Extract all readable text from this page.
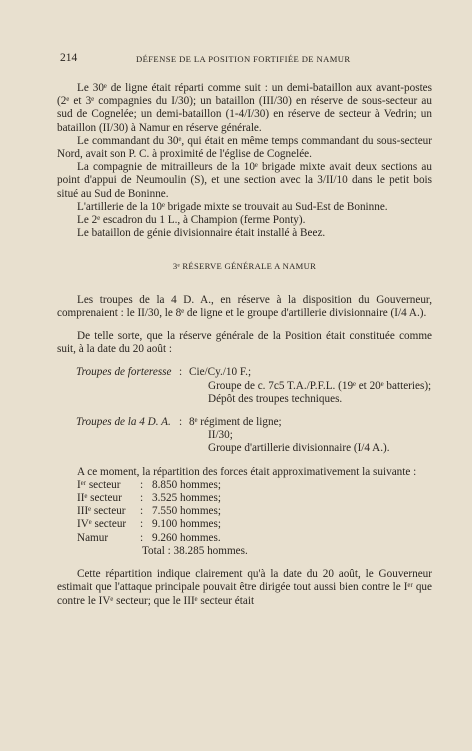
214	DÉFENSE DE LA POSITION FORTIFIÉE DE NAMUR

Le 30ᵉ de ligne était réparti comme suit : un demi-bataillon aux avant-postes (2ᵉ et 3ᵉ compagnies du I/30); un bataillon (III/30) en réserve de sous-secteur au sud de Cognelée; un demi-bataillon (1-4/I/30) en réserve de secteur à Vedrin; un bataillon (II/30) à Namur en réserve générale.

Le commandant du 30ᵉ, qui était en même temps commandant du sous-secteur Nord, avait son P. C. à proximité de l'église de Cognelée.

La compagnie de mitrailleurs de la 10ᵉ brigade mixte avait deux sections au point d'appui de Neumoulin (S), et une section avec la 3/II/10 dans le petit bois situé au Sud de Boninne.

L'artillerie de la 10ᵉ brigade mixte se trouvait au Sud-Est de Boninne.

Le 2ᵉ escadron du 1 L., à Champion (ferme Ponty).

Le bataillon de génie divisionnaire était installé à Beez.

3ᵉ RÉSERVE GÉNÉRALE A NAMUR

Les troupes de la 4 D. A., en réserve à la disposition du Gouverneur, comprenaient : le II/30, le 8ᵉ de ligne et le groupe d'artillerie divisionnaire (I/4 A.).

De telle sorte, que la réserve générale de la Position était constituée comme suit, à la date du 20 août :

Troupes de forteresse : Cie/Cy./10 F.;

Groupe de c. 7c5 T.A./P.F.L. (19ᵉ et 20ᵉ batteries);

Dépôt des troupes techniques.

Troupes de la 4 D. A. : 8ᵉ régiment de ligne;

II/30;

Groupe d'artillerie divisionnaire (I/4 A.).

A ce moment, la répartition des forces était approximativement la suivante :

Iᵉʳ secteur	: 8.850 hommes;
IIᵉ secteur	: 3.525 hommes;
IIIᵉ secteur	: 7.550 hommes;
IVᵉ secteur	: 9.100 hommes;
Namur	: 9.260 hommes.

Total : 38.285 hommes.

Cette répartition indique clairement qu'à la date du 20 août, le Gouverneur estimait que l'attaque principale pouvait être dirigée tout aussi bien contre le Iᵉʳ que contre le IVᵉ secteur; que le IIIᵉ secteur était
